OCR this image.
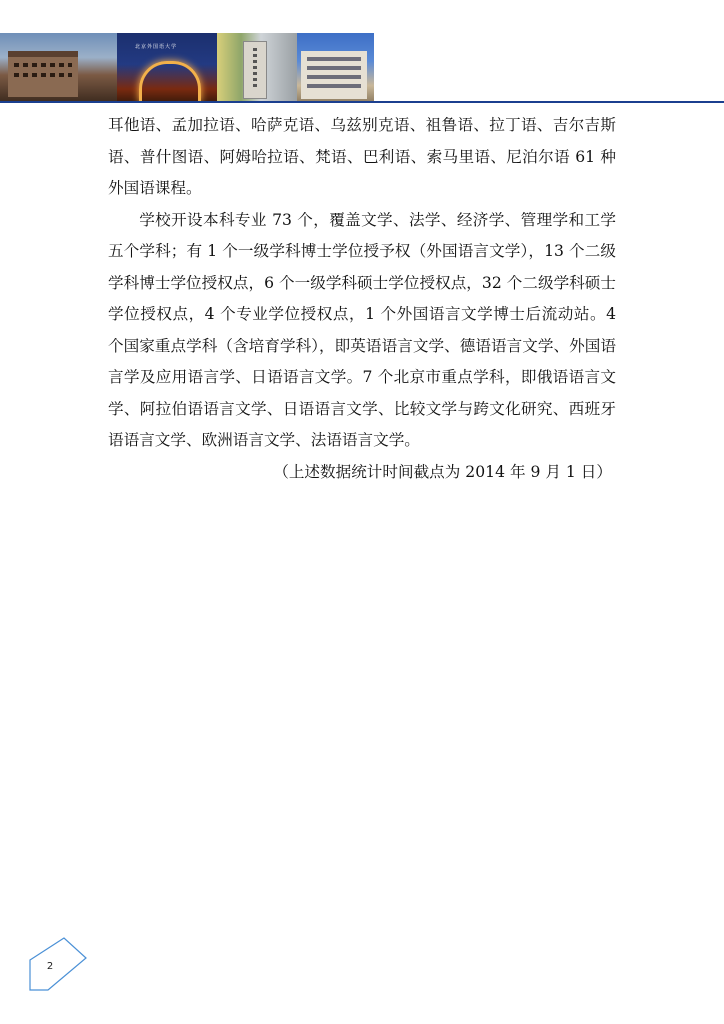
北京外国语大学

耳他语、孟加拉语、哈萨克语、乌兹别克语、祖鲁语、拉丁语、吉尔吉斯语、普什图语、阿姆哈拉语、梵语、巴利语、索马里语、尼泊尔语 61 种外国语课程。

学校开设本科专业 73 个，覆盖文学、法学、经济学、管理学和工学五个学科；有 1 个一级学科博士学位授予权（外国语言文学），13 个二级学科博士学位授权点，6 个一级学科硕士学位授权点，32 个二级学科硕士学位授权点，4 个专业学位授权点，1 个外国语言文学博士后流动站。4 个国家重点学科（含培育学科），即英语语言文学、德语语言文学、外国语言学及应用语言学、日语语言文学。7 个北京市重点学科，即俄语语言文学、阿拉伯语语言文学、日语语言文学、比较文学与跨文化研究、西班牙语语言文学、欧洲语言文学、法语语言文学。

（上述数据统计时间截点为 2014 年 9 月 1 日）

2
